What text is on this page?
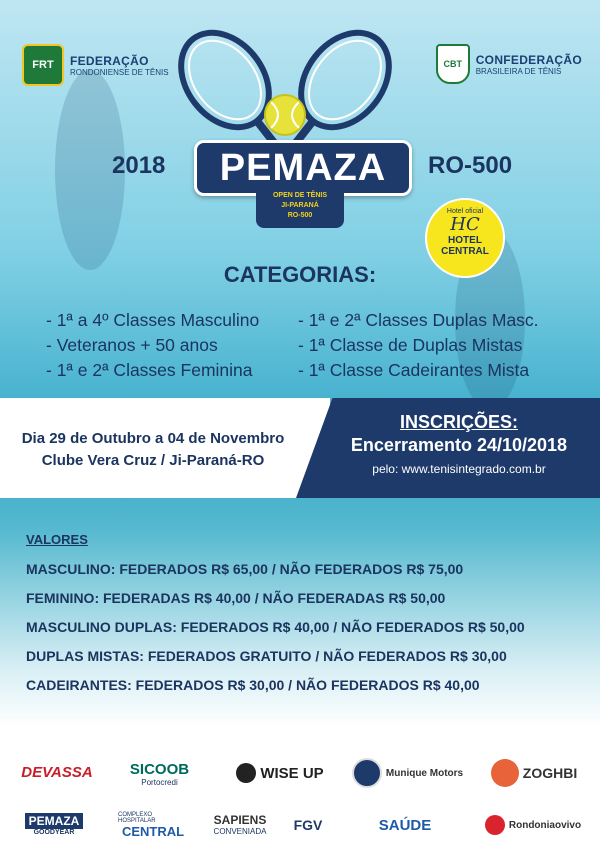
FRT	FEDERAÇÃO
RONDONIENSE DE TÊNIS
CBT	CONFEDERAÇÃO
BRASILEIRA DE TÊNIS
2018	RO-500
PEMAZA
OPEN DE TÊNIS
JI-PARANÁ
RO-500
Hotel oficial
HC
HOTEL
CENTRAL
CATEGORIAS:
- 1ª a 4º Classes Masculino
- Veteranos + 50 anos
- 1ª e 2ª Classes Feminina
- 1ª e 2ª Classes Duplas Masc.
- 1ª Classe de Duplas Mistas
- 1ª Classe Cadeirantes Mista
Dia 29 de Outubro a 04 de Novembro
Clube Vera Cruz / Ji-Paraná-RO
INSCRIÇÕES:
Encerramento 24/10/2018
pelo: www.tenisintegrado.com.br
VALORES
MASCULINO: FEDERADOS R$ 65,00 / NÃO FEDERADOS R$ 75,00
FEMININO: FEDERADAS R$ 40,00 / NÃO FEDERADAS R$ 50,00
MASCULINO DUPLAS: FEDERADOS R$ 40,00 / NÃO FEDERADOS R$ 50,00
DUPLAS MISTAS: FEDERADOS GRATUITO / NÃO FEDERADOS R$ 30,00
CADEIRANTES: FEDERADOS R$ 30,00 / NÃO FEDERADOS R$ 40,00
DEVASSA SICOOB
Portocredi
WISE UP	Munique Motors	ZOGHBI
PEMAZA
GOODYEAR
COMPLEXO HOSPITALAR
CENTRAL
SAPIENS
CONVENIADA FGV	SAÚDE	Rondoniaovivo
